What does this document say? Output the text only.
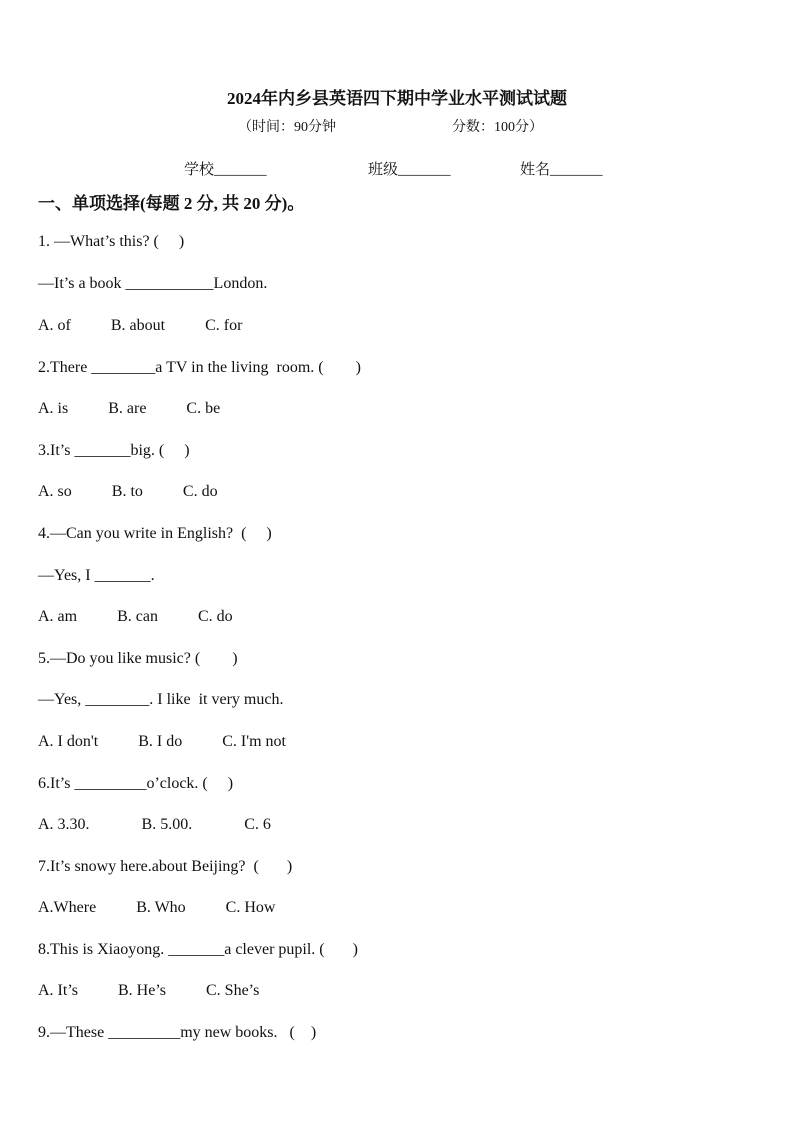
2024年内乡县英语四下期中学业水平测试试题
（时间：90分钟	分数：100分）
学校_______	班级_______	姓名_______
一、单项选择(每题 2 分, 共 20 分)。
1. —What’s this? (     )
—It’s a book ___________London.
A. of          B. about          C. for
2.There ________a TV in the living  room. (        )
A. is          B. are          C. be
3.It’s _______big. (     )
A. so          B. to          C. do
4.—Can you write in English?  (     )
—Yes, I _______.
A. am          B. can          C. do
5.—Do you like music? (        )
—Yes, ________. I like  it very much.
A. I don't          B. I do          C. I'm not
6.It’s _________o’clock. (     )
A. 3.30.             B. 5.00.             C. 6
7.It’s snowy here.about Beijing?  (       )
A.Where          B. Who          C. How
8.This is Xiaoyong. _______a clever pupil. (       )
A. It’s          B. He’s          C. She’s
9.—These _________my new books.   (    )
